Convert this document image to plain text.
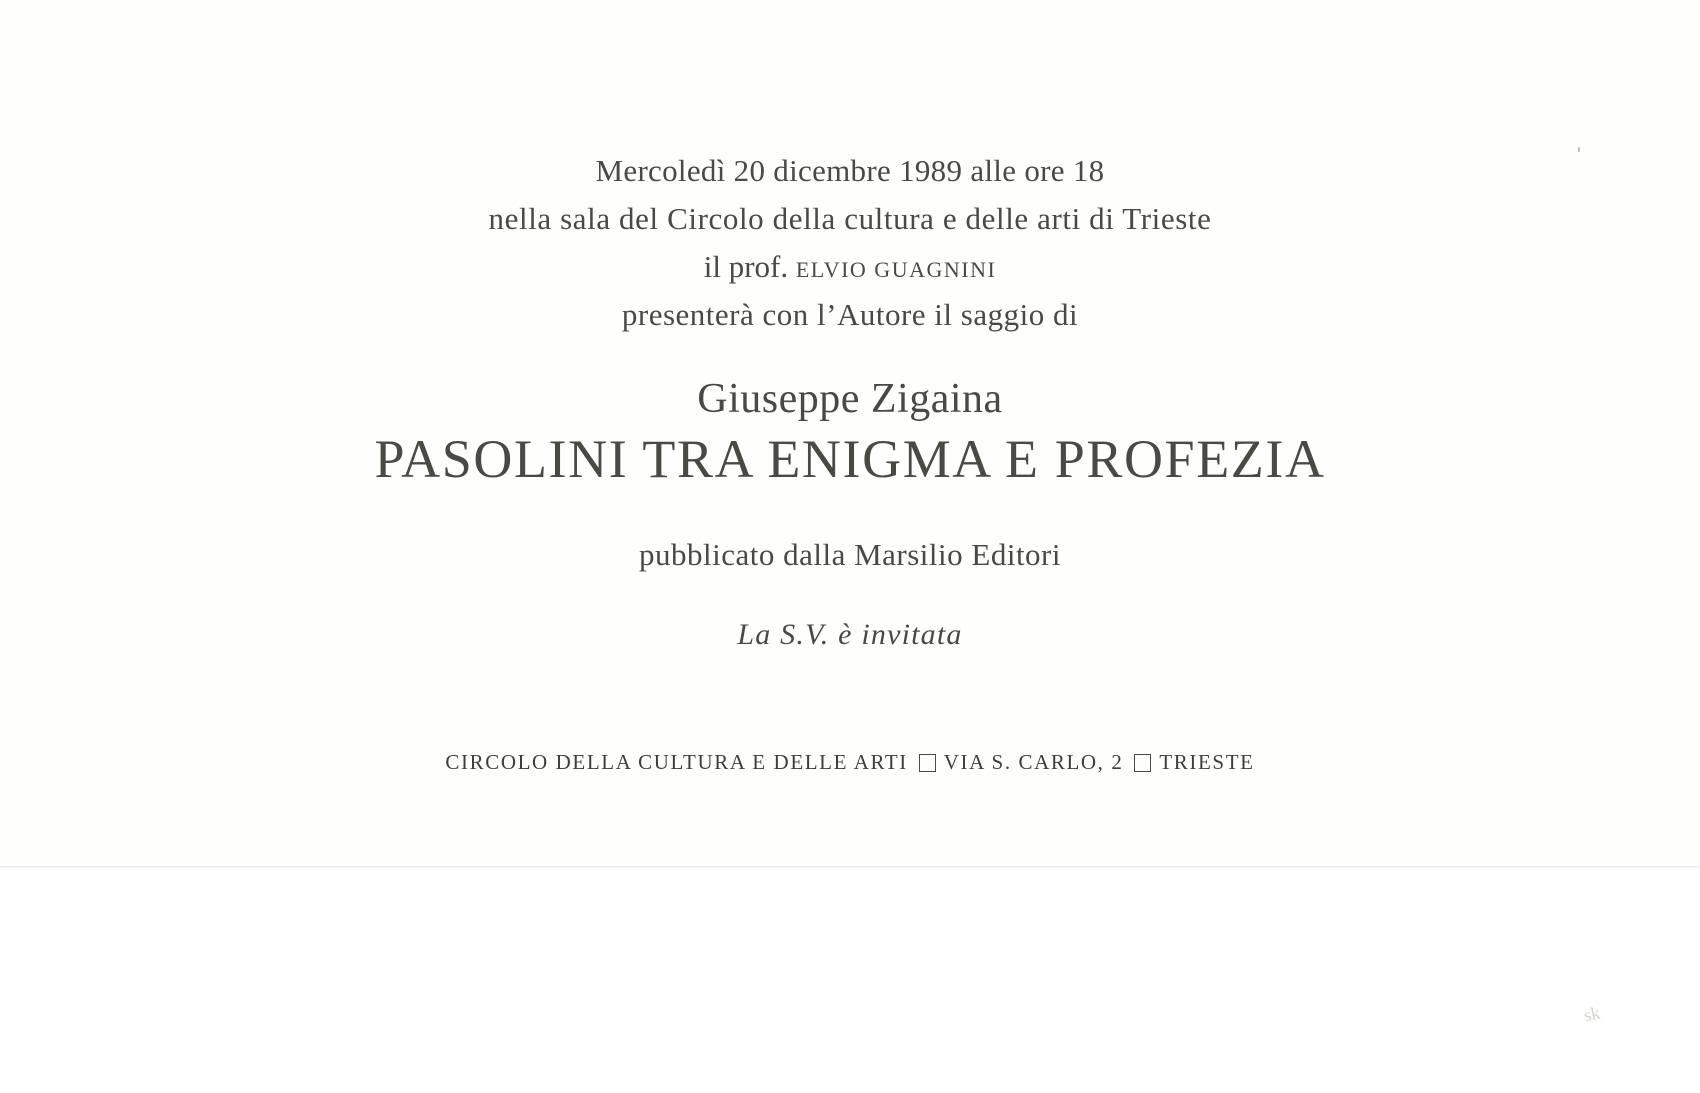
Mercoledì 20 dicembre 1989 alle ore 18
nella sala del Circolo della cultura e delle arti di Trieste
il prof. ELVIO GUAGNINI
presenterà con l’Autore il saggio di
Giuseppe Zigaina
PASOLINI TRA ENIGMA E PROFEZIA
pubblicato dalla Marsilio Editori
La S.V. è invitata
CIRCOLO DELLA CULTURA E DELLE ARTI VIA S. CARLO, 2 TRIESTE
sk
